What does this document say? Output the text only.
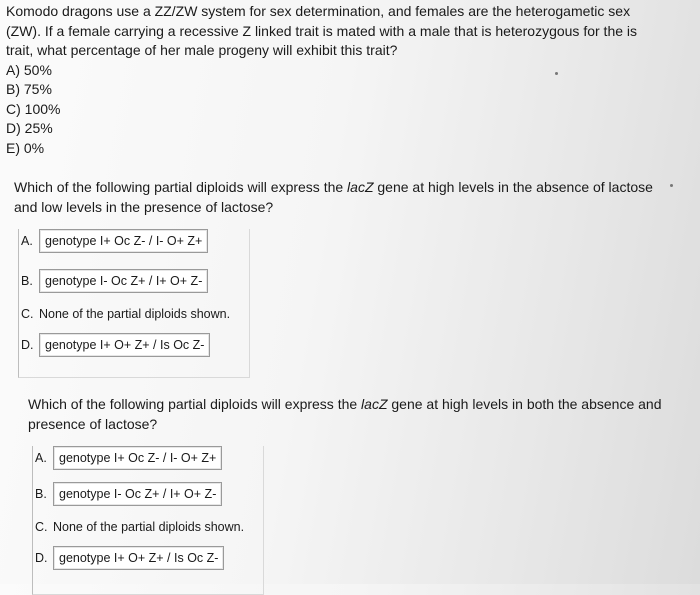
Komodo dragons use a ZZ/ZW system for sex determination, and females are the heterogametic sex

(ZW). If a female carrying a recessive Z linked trait is mated with a male that is heterozygous for the is

trait, what percentage of her male progeny will exhibit this trait?

A) 50%

B) 75%

C) 100%

D) 25%

E) 0%

Which of the following partial diploids will express the lacZ gene at high levels in the absence of lactose and low levels in the presence of lactose?

A. genotype I+ Oc Z- / I- O+ Z+
B. genotype I- Oc Z+ / I+ O+ Z-
C. None of the partial diploids shown.
D. genotype I+ O+ Z+ / Is Oc Z-

Which of the following partial diploids will express the lacZ gene at high levels in both the absence and presence of lactose?

A. genotype I+ Oc Z- / I- O+ Z+
B. genotype I- Oc Z+ / I+ O+ Z-
C. None of the partial diploids shown.
D. genotype I+ O+ Z+ / Is Oc Z-
